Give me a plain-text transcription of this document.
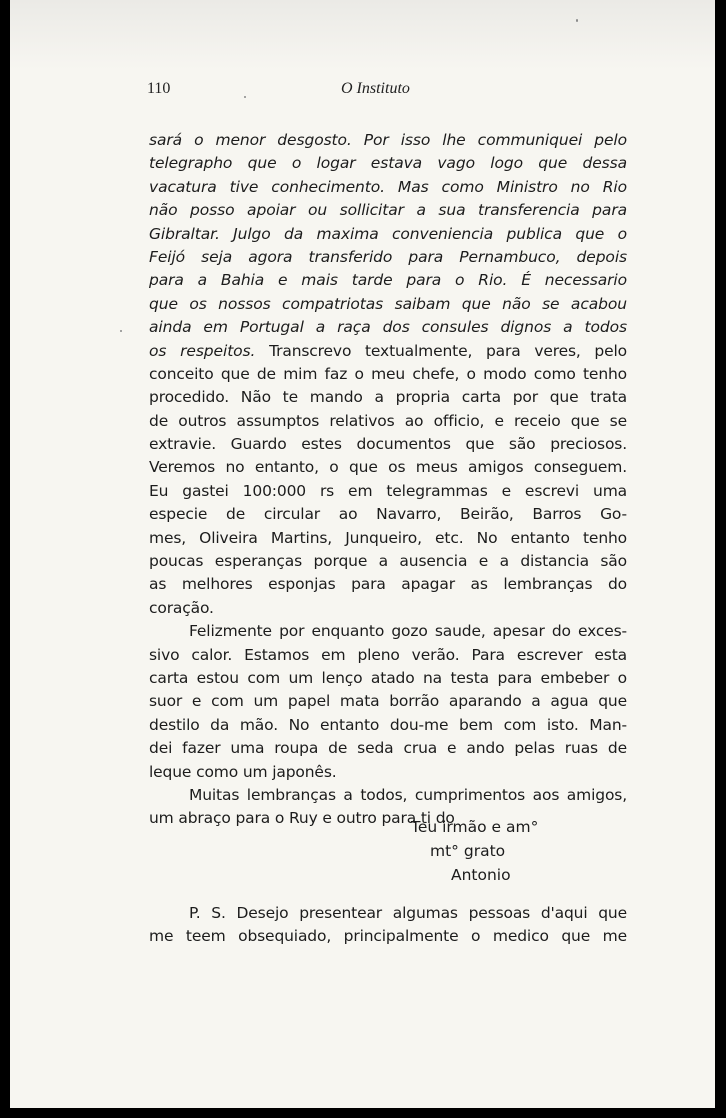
110	O Instituto
sará o menor desgosto. Por isso lhe communiquei pelo
telegrapho que o logar estava vago logo que dessa
vacatura tive conhecimento. Mas como Ministro no Rio
não posso apoiar ou sollicitar a sua transferencia para
Gibraltar. Julgo da maxima conveniencia publica que o
Feijó seja agora transferido para Pernambuco, depois
para a Bahia e mais tarde para o Rio. É necessario
que os nossos compatriotas saibam que não se acabou
ainda em Portugal a raça dos consules dignos a todos
os respeitos. Transcrevo textualmente, para veres, pelo
conceito que de mim faz o meu chefe, o modo como tenho
procedido. Não te mando a propria carta por que trata
de outros assumptos relativos ao officio, e receio que se
extravie. Guardo estes documentos que são preciosos.
Veremos no entanto, o que os meus amigos conseguem.
Eu gastei 100:000 rs em telegrammas e escrevi uma
especie de circular ao Navarro, Beirão, Barros Go-
mes, Oliveira Martins, Junqueiro, etc. No entanto tenho
poucas esperanças porque a ausencia e a distancia são
as melhores esponjas para apagar as lembranças do
coração.
Felizmente por enquanto gozo saude, apesar do exces-
sivo calor. Estamos em pleno verão. Para escrever esta
carta estou com um lenço atado na testa para embeber o
suor e com um papel mata borrão aparando a agua que
destilo da mão. No entanto dou-me bem com isto. Man-
dei fazer uma roupa de seda crua e ando pelas ruas de
leque como um japonês.
Muitas lembranças a todos, cumprimentos aos amigos,
um abraço para o Ruy e outro para ti do
Teu irmão e am°
mt° grato
Antonio
P. S. Desejo presentear algumas pessoas d'aqui que
me teem obsequiado, principalmente o medico que me
